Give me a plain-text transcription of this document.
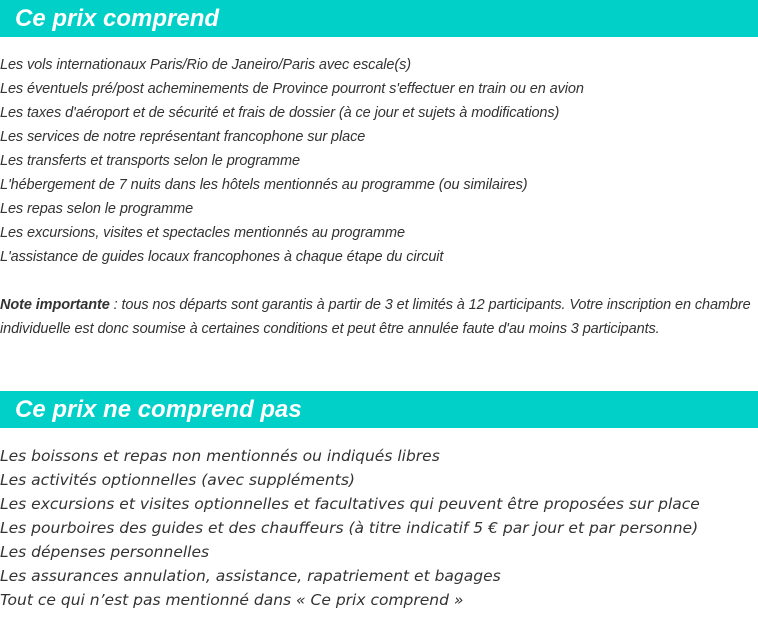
Ce prix comprend
Les vols internationaux Paris/Rio de Janeiro/Paris avec escale(s)
Les éventuels pré/post acheminements de Province pourront s'effectuer en train ou en avion
Les taxes d'aéroport et de sécurité et frais de dossier (à ce jour et sujets à modifications)
Les services de notre représentant francophone sur place
Les transferts et transports selon le programme
L'hébergement de 7 nuits dans les hôtels mentionnés au programme (ou similaires)
Les repas selon le programme
Les excursions, visites et spectacles mentionnés au programme
L'assistance de guides locaux francophones à chaque étape du circuit

Note importante : tous nos départs sont garantis à partir de 3 et limités à 12 participants. Votre inscription en chambre individuelle est donc soumise à certaines conditions et peut être annulée faute d'au moins 3 participants.

Ce prix ne comprend pas
Les boissons et repas non mentionnés ou indiqués libres
Les activités optionnelles (avec suppléments)
Les excursions et visites optionnelles et facultatives qui peuvent être proposées sur place
Les pourboires des guides et des chauffeurs (à titre indicatif 5 € par jour et par personne)
Les dépenses personnelles
Les assurances annulation, assistance, rapatriement et bagages
Tout ce qui n’est pas mentionné dans « Ce prix comprend »
